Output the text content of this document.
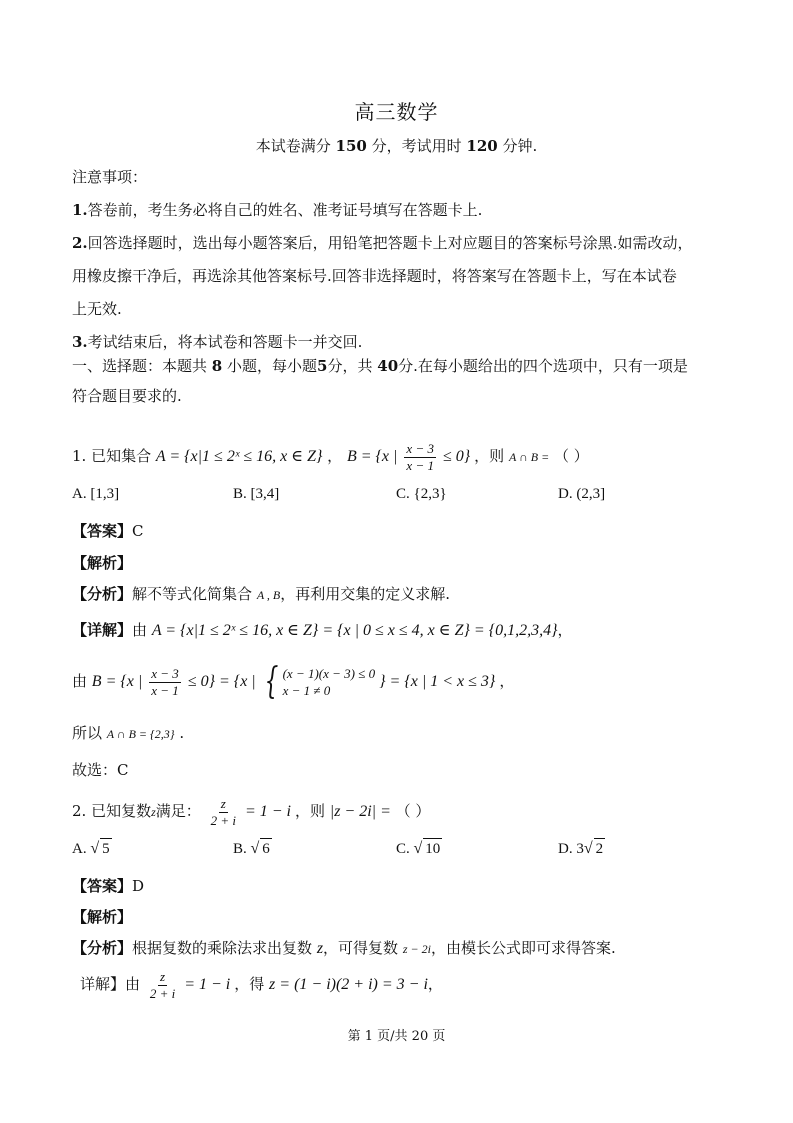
高三数学
本试卷满分 150 分，考试用时 120 分钟.
注意事项：
1.答卷前，考生务必将自己的姓名、准考证号填写在答题卡上.
2.回答选择题时，选出每小题答案后，用铅笔把答题卡上对应题目的答案标号涂黑.如需改动，
用橡皮擦干净后，再选涂其他答案标号.回答非选择题时，将答案写在答题卡上，写在本试卷
上无效.
3.考试结束后，将本试卷和答题卡一并交回.
一、选择题：本题共 8 小题，每小题5分，共 40分.在每小题给出的四个选项中，只有一项是
符合题目要求的.
1. 已知集合 A = {x|1 ≤ 2ˣ ≤ 16, x ∈ Z} ， B = {x | $\frac{x - 3}{x - 1} \le 0$} ，则 A ∩ B = （ ）
A. [1,3]	B. [3,4]	C. {2,3}	D. (2,3]
【答案】C
【解析】
【分析】解不等式化简集合 A , B，再利用交集的定义求解.
【详解】由 A = {x|1 ≤ 2ˣ ≤ 16, x ∈ Z} = {x | 0 ≤ x ≤ 4, x ∈ Z} = {0,1,2,3,4}，
由 B = {x | $\frac{x - 3}{x - 1} \le 0\} = \{x$ | { (x − 1)(x − 3) ≤ 0
x − 1 ≠ 0
} = {x | 1 < x ≤ 3} ，
所以 A ∩ B = {2,3} .
故选：C
2. 已知复数z满足： $\frac{z}{2 + i} = 1 - i$ ，则 |z − 2i| = （ ）
A. √ 5	B. √ 6	C. √ 10	D. 3√ 2
【答案】D
【解析】
【分析】根据复数的乘除法求出复数 z，可得复数 z − 2i，由模长公式即可求得答案.
详解】由 $\frac{z}{2 + i} = 1 - i$ ，得 z = (1 − i)(2 + i) = 3 − i，
第 1 页/共 20 页
